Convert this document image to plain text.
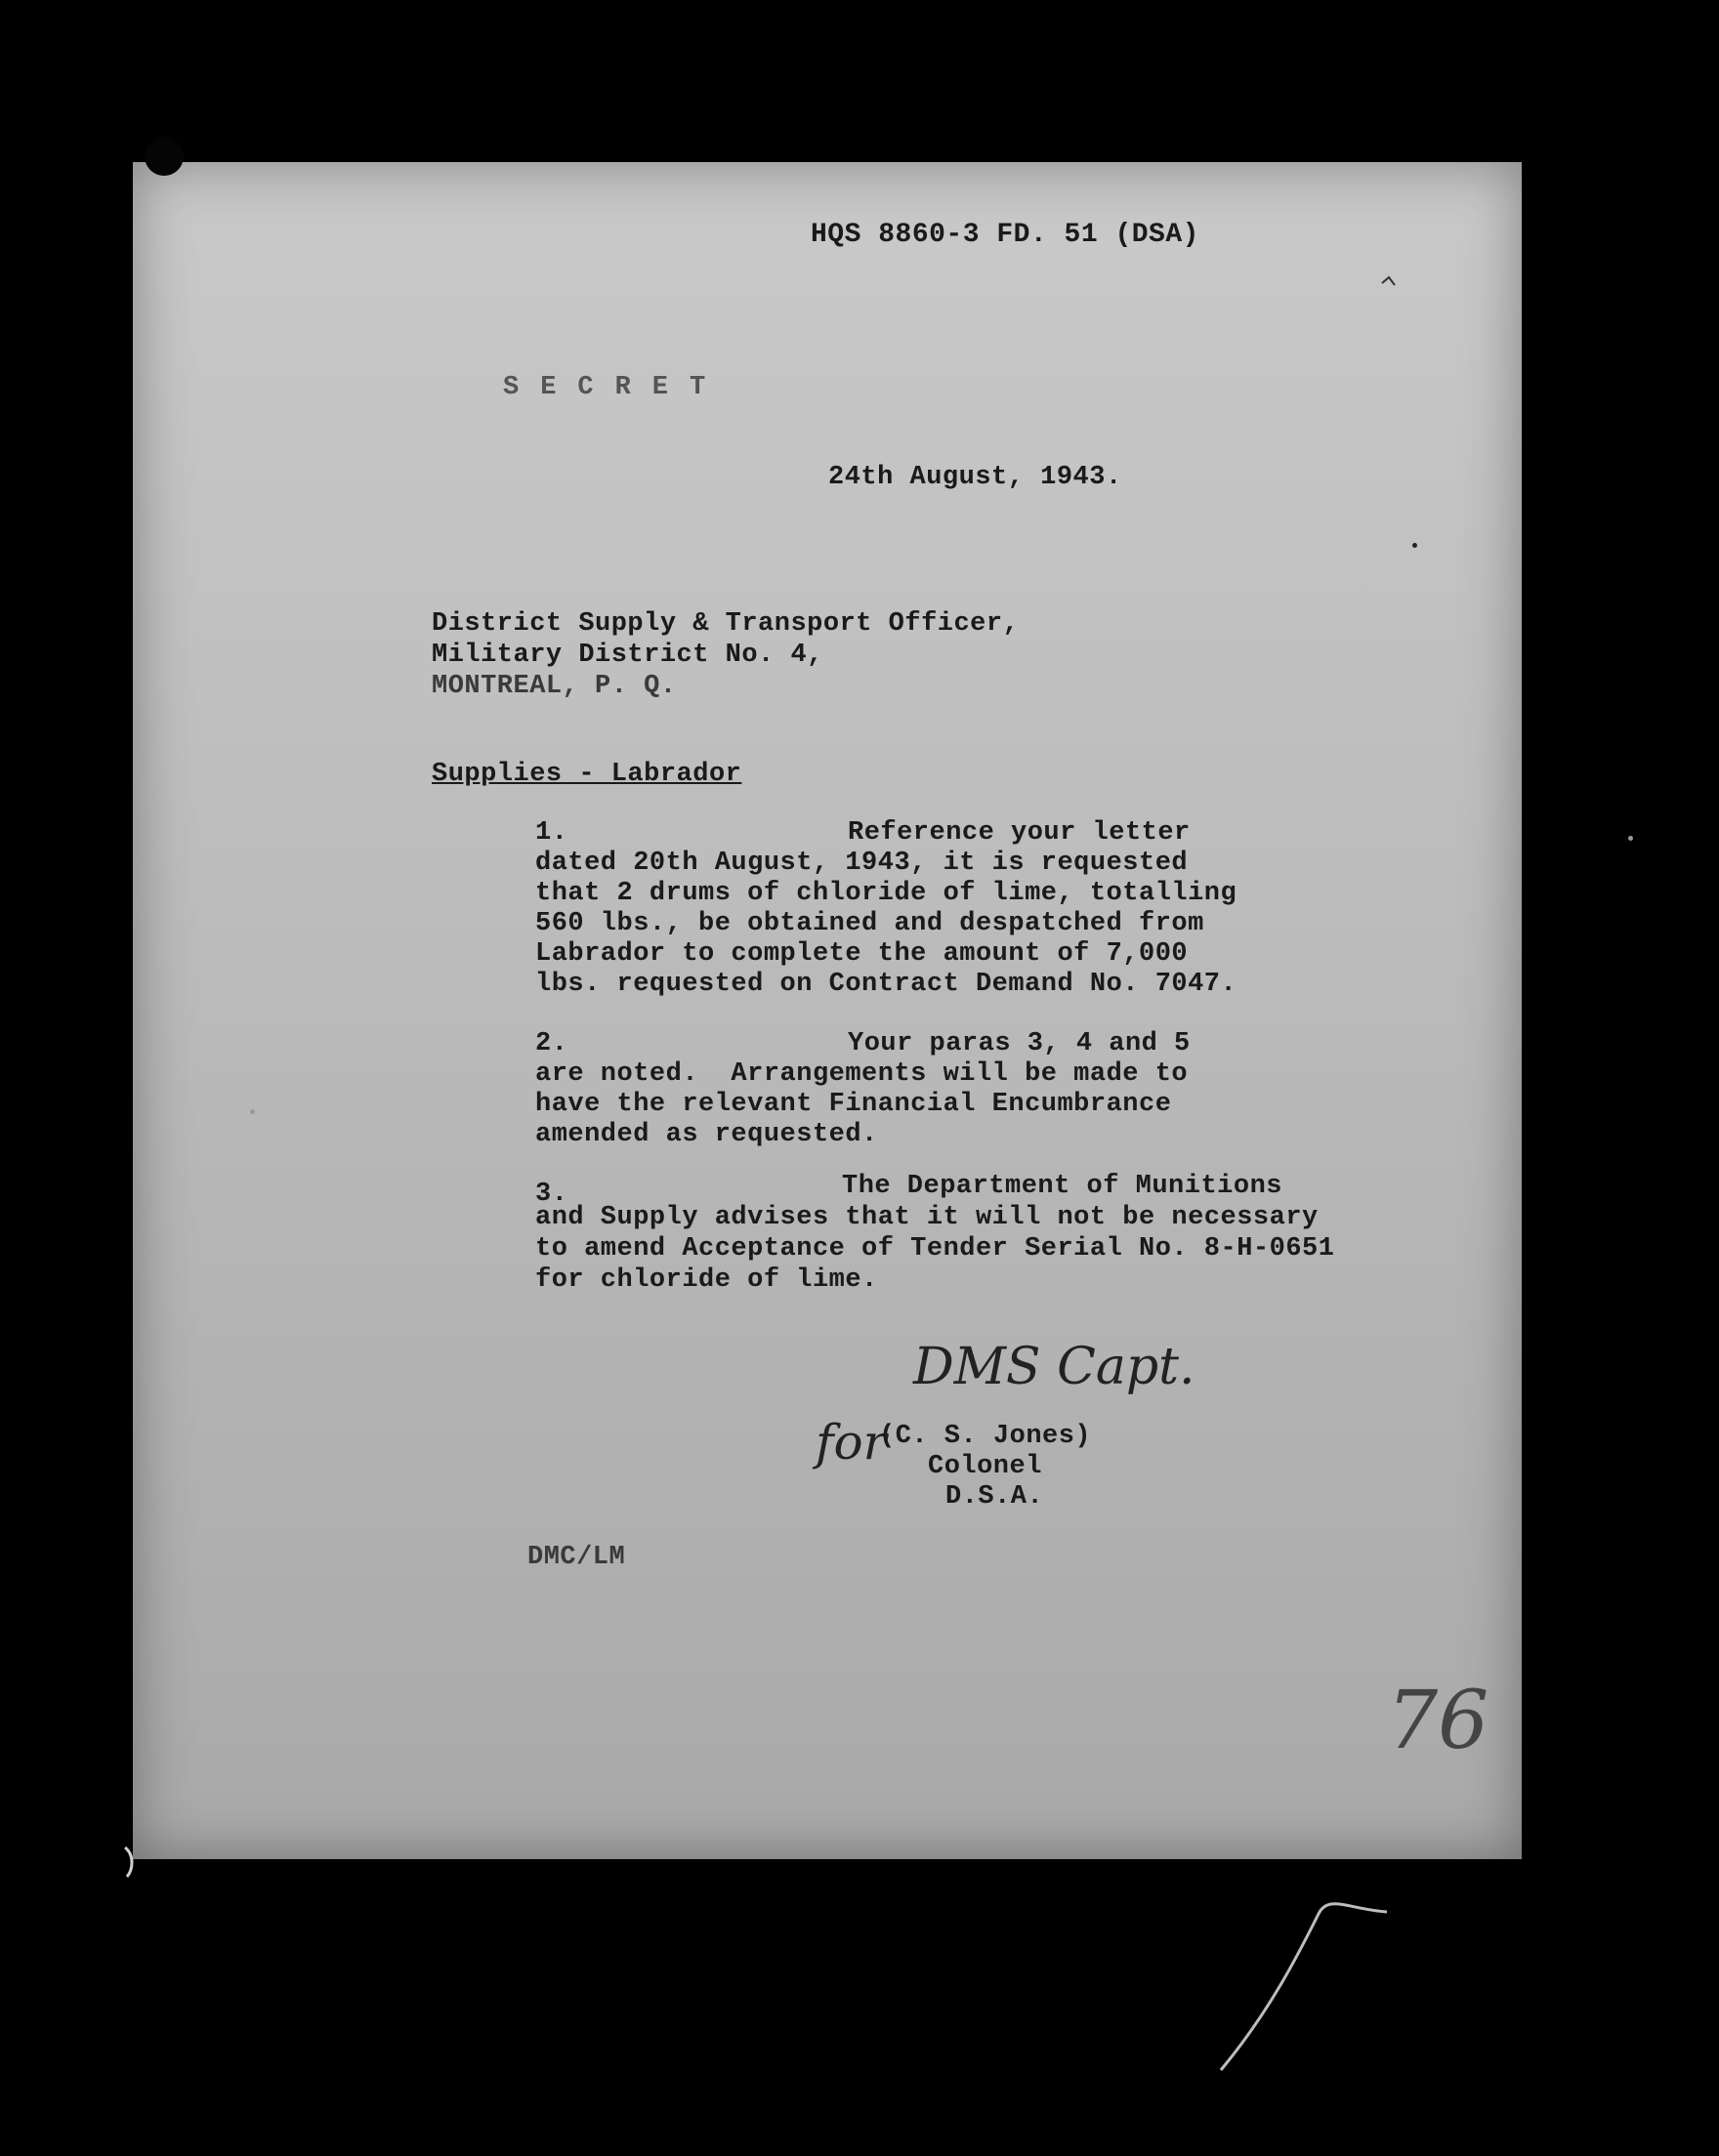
HQS 8860-3 FD. 51 (DSA)
SECRET
24th August, 1943.
District Supply & Transport Officer,
Military District No. 4,
MONTREAL, P. Q.
Supplies - Labrador
1.	Reference your letter
dated 20th August, 1943, it is requested
that 2 drums of chloride of lime, totalling
560 lbs., be obtained and despatched from
Labrador to complete the amount of 7,000
lbs. requested on Contract Demand No. 7047.
2.	Your paras 3, 4 and 5
are noted.  Arrangements will be made to
have the relevant Financial Encumbrance
amended as requested.
3.	The Department of Munitions
and Supply advises that it will not be necessary
to amend Acceptance of Tender Serial No. 8-H-0651
for chloride of lime.
DMS Capt.
for
(C. S. Jones)
Colonel
D.S.A.
DMC/LM
76
